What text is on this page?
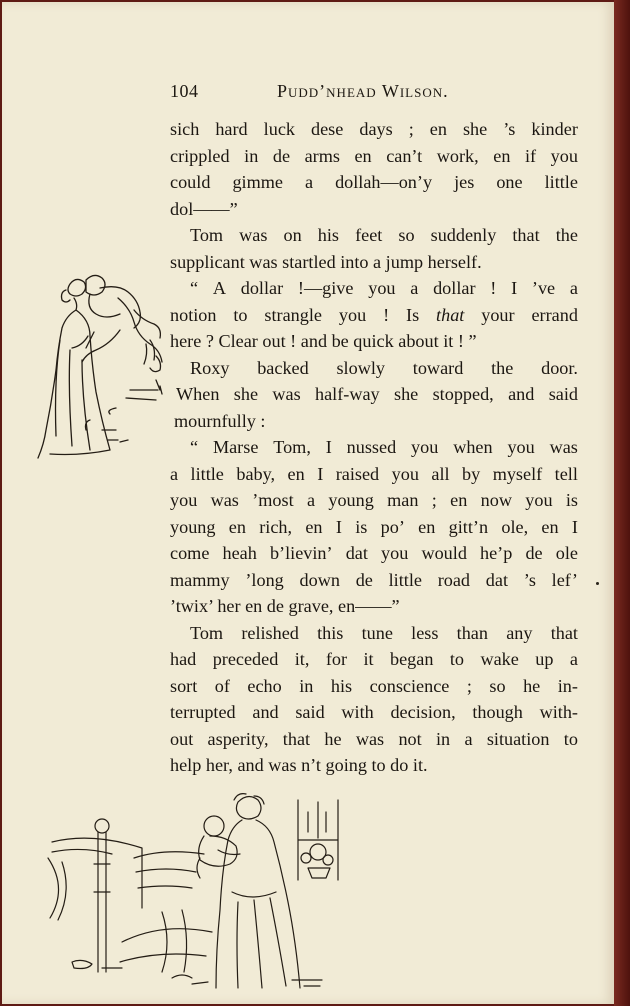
104	Pudd’nhead Wilson.
sich hard luck dese days ; en she ’s kinder
crippled in de arms en can’t work, en if you
could gimme a dollah—on’y jes one little
dol——”
Tom was on his feet so suddenly that the
supplicant was startled into a jump herself.
“ A dollar !—give you a dollar ! I ’ve a
notion to strangle you ! Is that your errand
here ? Clear out ! and be quick about it ! ”
Roxy backed slowly toward the door.
When she was half-way she stopped, and said
mournfully :
“ Marse Tom, I nussed you when you was
a little baby, en I raised you all by myself tell
you was ’most a young man ; en now you is
young en rich, en I is po’ en gitt’n ole, en I
come heah b’lievin’ dat you would he’p de ole
mammy ’long down de little road dat ’s lef’
’twix’ her en de grave, en——”
Tom relished this tune less than any that
had preceded it, for it began to wake up a
sort of echo in his conscience ; so he in-
terrupted and said with decision, though with-
out asperity, that he was not in a situation to
help her, and was n’t going to do it.
